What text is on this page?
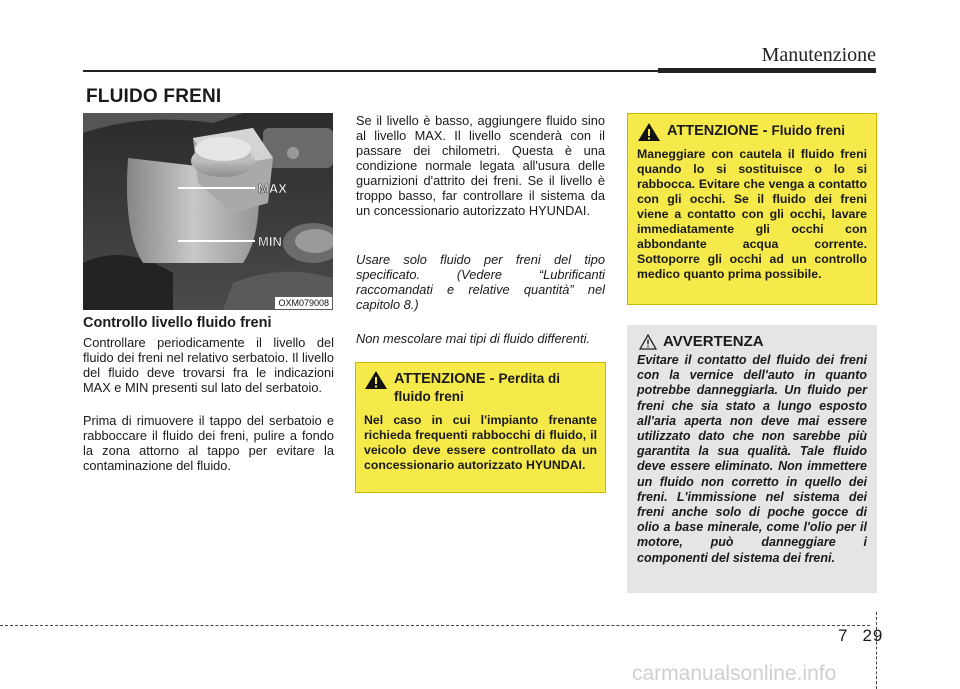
Manutenzione
FLUIDO FRENI
MAX
MIN
OXM079008
Controllo livello fluido freni
Controllare periodicamente il livello del fluido dei freni nel relativo serbatoio. Il livello del fluido deve trovarsi fra le indicazioni MAX e MIN presenti sul lato del serbatoio.
Prima di rimuovere il tappo del serbatoio e rabboccare il fluido dei freni, pulire a fondo la zona attorno al tappo per evitare la contaminazione del fluido.
Se il livello è basso, aggiungere fluido sino al livello MAX. Il livello scenderà con il passare dei chilometri. Questa è una condizione normale legata all'usura delle guarnizioni d'attrito dei freni. Se il livello è troppo basso, far controllare il sistema da un concessionario autorizzato HYUNDAI.
Usare solo fluido per freni del tipo specificato. (Vedere “Lubrificanti raccomandati e relative quantità” nel capitolo 8.)
Non mescolare mai tipi di fluido differenti.
ATTENZIONE - Perdita di fluido freni
Nel caso in cui l'impianto frenante richieda frequenti rabbocchi di fluido, il veicolo deve essere controllato da un concessionario autorizzato HYUNDAI.
ATTENZIONE - Fluido freni
Maneggiare con cautela il fluido freni quando lo si sostituisce o lo si rabbocca. Evitare che venga a contatto con gli occhi. Se il fluido dei freni viene a contatto con gli occhi, lavare immediatamente gli occhi con abbondante acqua corrente. Sottoporre gli occhi ad un controllo medico quanto prima possibile.
AVVERTENZA
Evitare il contatto del fluido dei freni con la vernice dell'auto in quanto potrebbe danneggiarla. Un fluido per freni che sia stato a lungo esposto all'aria aperta non deve mai essere utilizzato dato che non sarebbe più garantita la sua qualità. Tale fluido deve essere eliminato. Non immettere un fluido non corretto in quello dei freni. L'immissione nel sistema dei freni anche solo di poche gocce di olio a base minerale, come l'olio per il motore, può danneggiare i componenti del sistema dei freni.
7 29
carmanualsonline.info
